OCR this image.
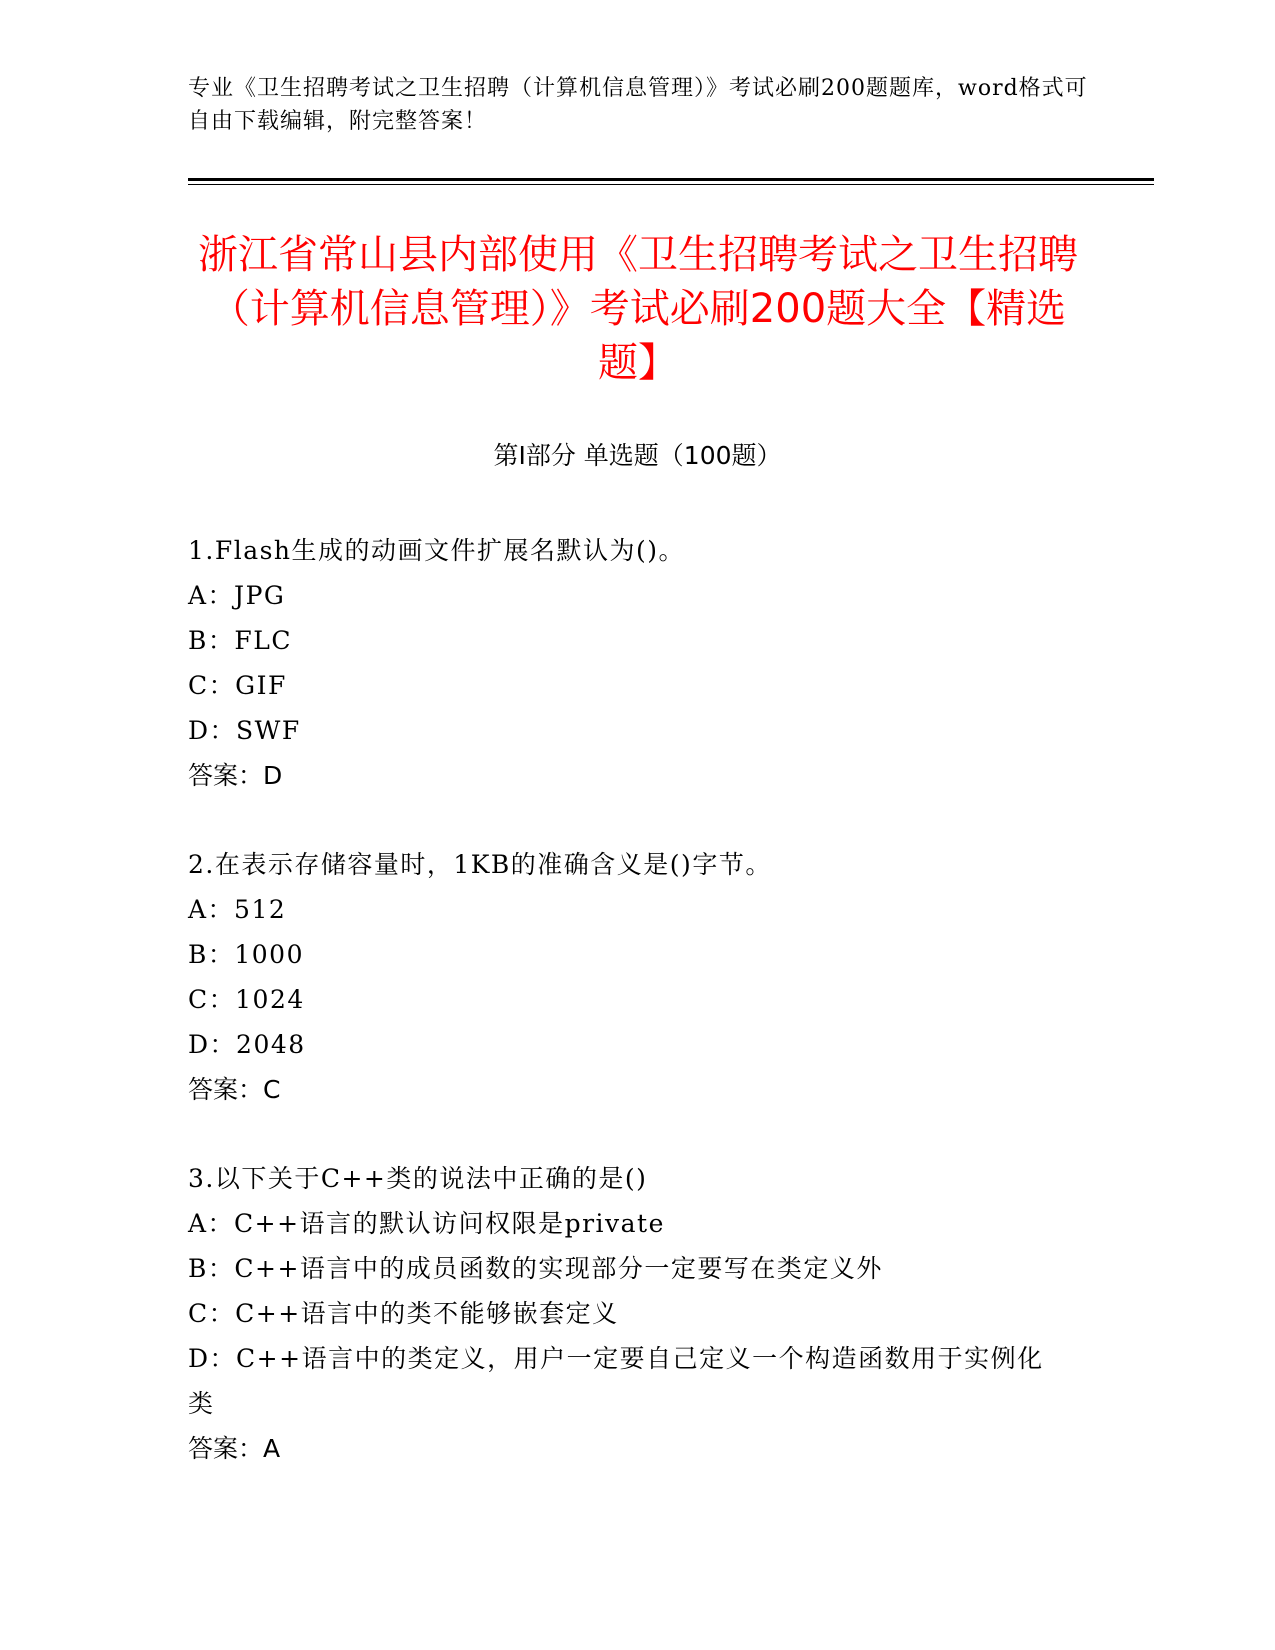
专业《卫生招聘考试之卫生招聘（计算机信息管理）》考试必刷200题题库，word格式可自由下载编辑，附完整答案！
浙江省常山县内部使用《卫生招聘考试之卫生招聘（计算机信息管理）》考试必刷200题大全【精选题】
第Ⅰ部分 单选题（100题）
1.Flash生成的动画文件扩展名默认为()。
A：JPG
B：FLC
C：GIF
D：SWF
答案：D
2.在表示存储容量时，1KB的准确含义是()字节。
A：512
B：1000
C：1024
D：2048
答案：C
3.以下关于C++类的说法中正确的是()
A：C++语言的默认访问权限是private
B：C++语言中的成员函数的实现部分一定要写在类定义外
C：C++语言中的类不能够嵌套定义
D：C++语言中的类定义，用户一定要自己定义一个构造函数用于实例化类
答案：A
